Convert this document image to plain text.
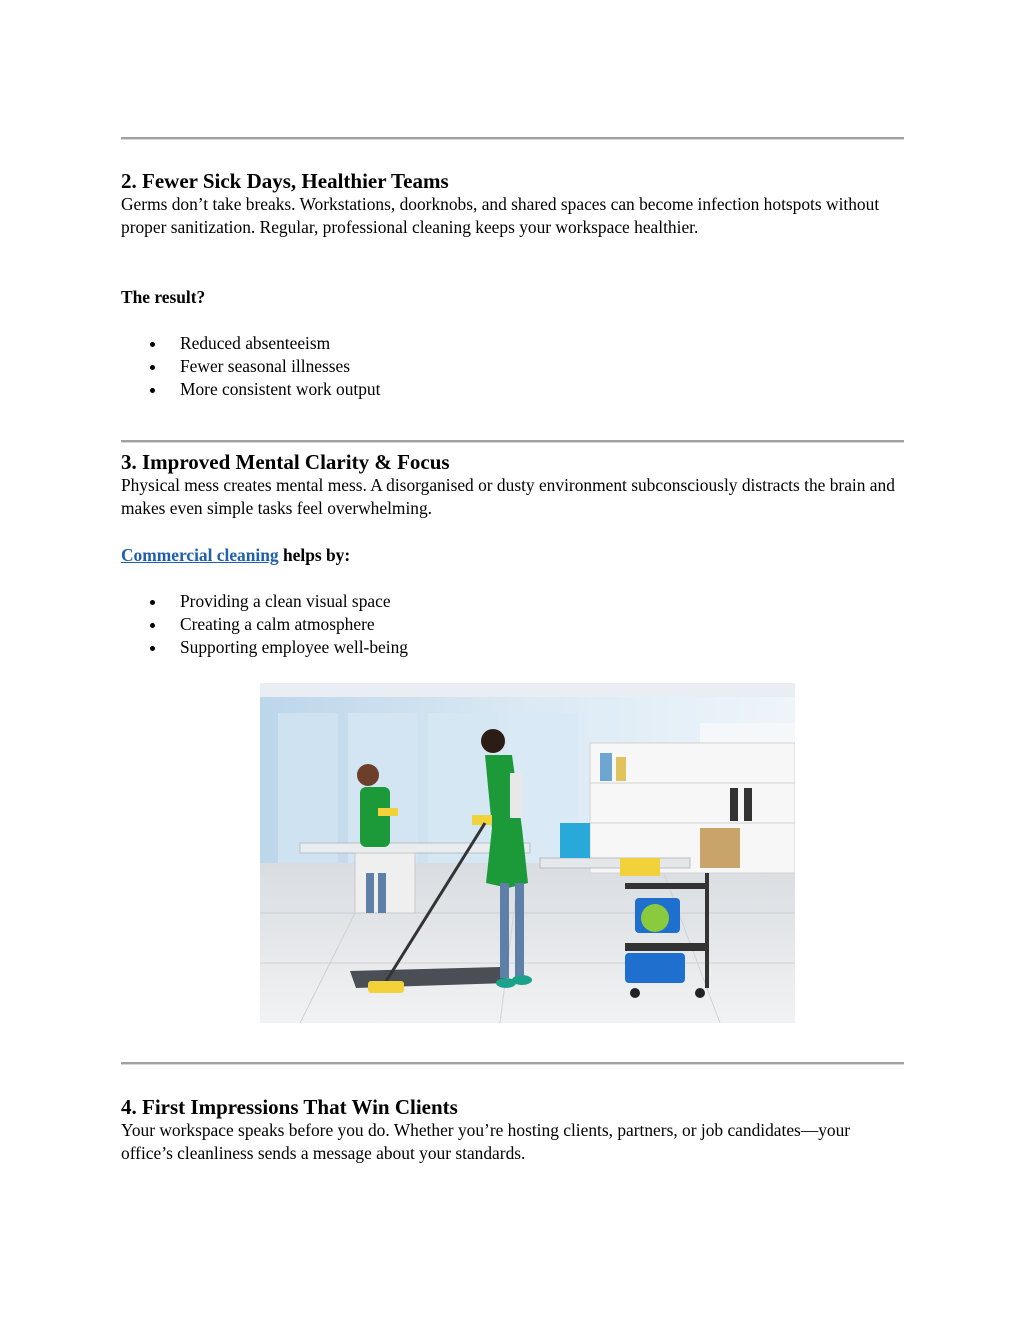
2. Fewer Sick Days, Healthier Teams

Germs don’t take breaks. Workstations, doorknobs, and shared spaces can become infection hotspots without proper sanitization. Regular, professional cleaning keeps your workspace healthier.

The result?

Reduced absenteeism
Fewer seasonal illnesses
More consistent work output
3. Improved Mental Clarity & Focus

Physical mess creates mental mess. A disorganised or dusty environment subconsciously distracts the brain and makes even simple tasks feel overwhelming.

Commercial cleaning helps by:

Providing a clean visual space
Creating a calm atmosphere
Supporting employee well-being
4. First Impressions That Win Clients

Your workspace speaks before you do. Whether you’re hosting clients, partners, or job candidates—your office’s cleanliness sends a message about your standards.
